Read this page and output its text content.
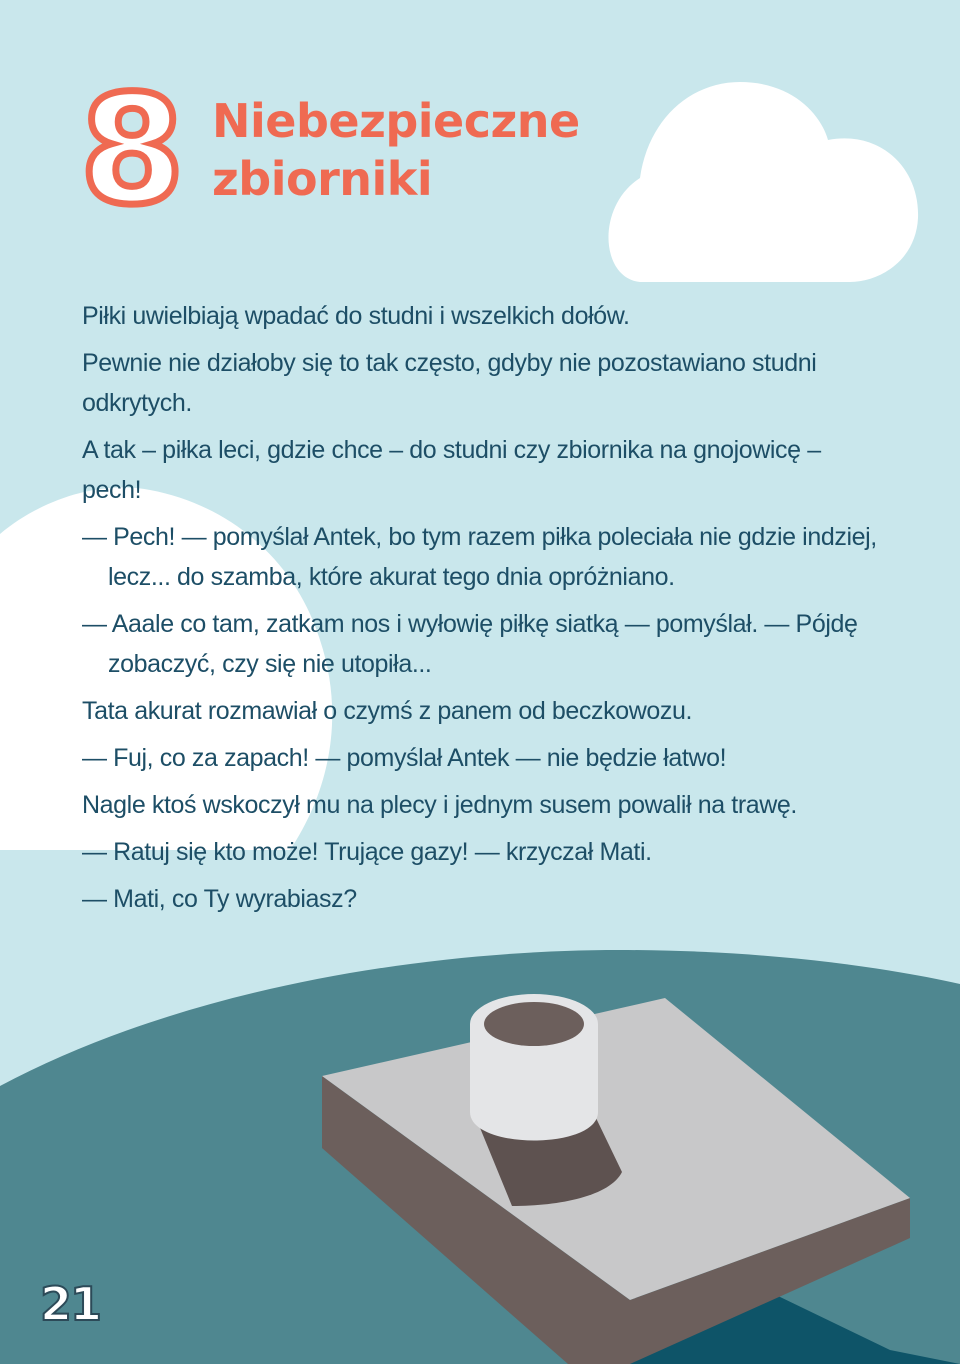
8 Niebezpieczne
zbiorniki

Piłki uwielbiają wpadać do studni i wszelkich dołów.

Pewnie nie działoby się to tak często, gdyby nie pozostawiano studni odkrytych.

A tak – piłka leci, gdzie chce – do studni czy zbiornika na gnojowicę – pech!

— Pech! — pomyślał Antek, bo tym razem piłka poleciała nie gdzie indziej, lecz... do szamba, które akurat tego dnia opróżniano.

— Aaale co tam, zatkam nos i wyłowię piłkę siatką — pomyślał. — Pójdę zobaczyć, czy się nie utopiła...

Tata akurat rozmawiał o czymś z panem od beczkowozu.

— Fuj, co za zapach! — pomyślał Antek — nie będzie łatwo!

Nagle ktoś wskoczył mu na plecy i jednym susem powalił na trawę.

— Ratuj się kto może! Trujące gazy! — krzyczał Mati.

— Mati, co Ty wyrabiasz?

21
